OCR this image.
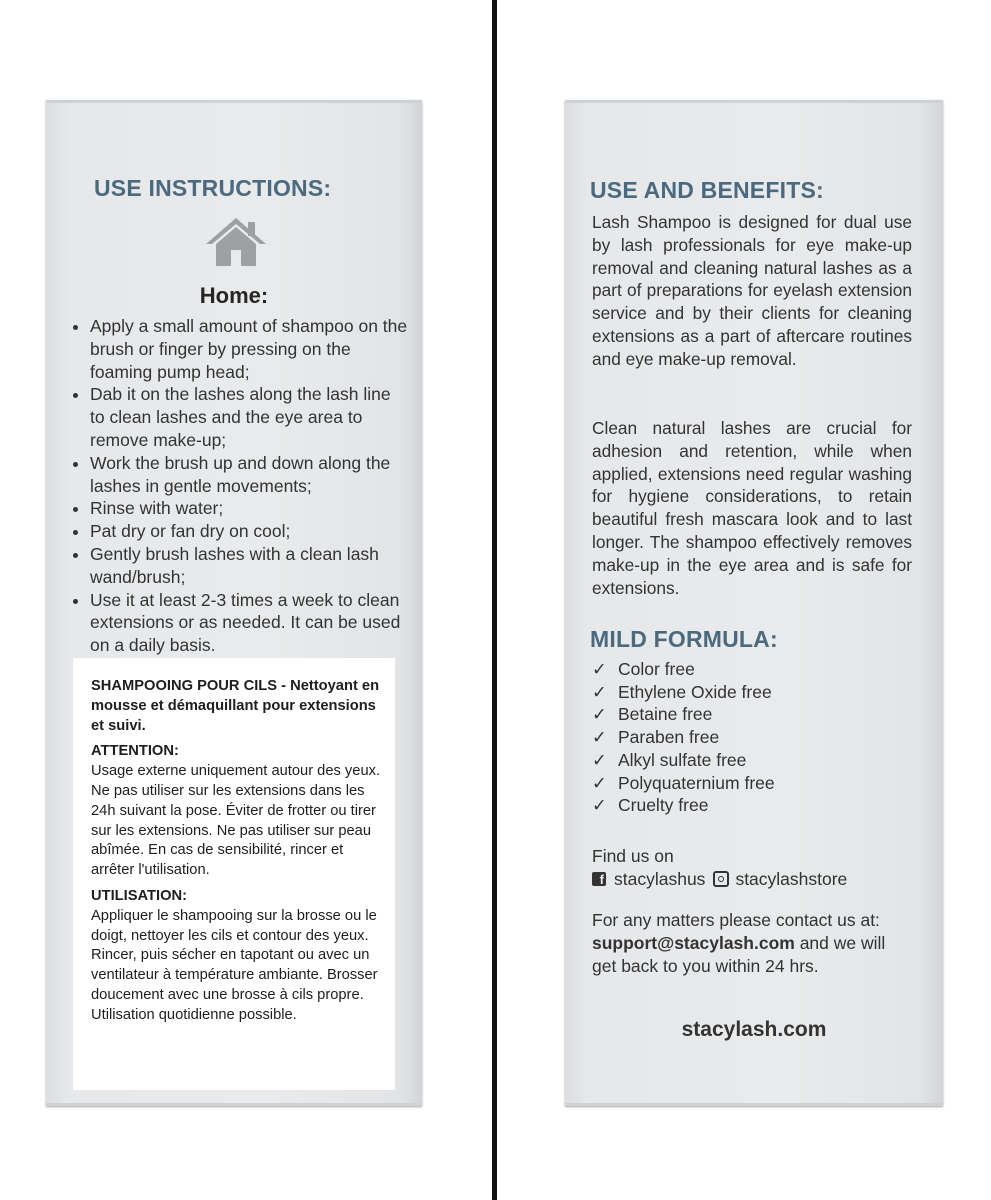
USE INSTRUCTIONS:
Home:
• Apply a small amount of shampoo on the brush or finger by pressing on the foaming pump head;
• Dab it on the lashes along the lash line to clean lashes and the eye area to remove make-up;
• Work the brush up and down along the lashes in gentle movements;
• Rinse with water;
• Pat dry or fan dry on cool;
• Gently brush lashes with a clean lash wand/brush;
• Use it at least 2-3 times a week to clean extensions or as needed. It can be used on a daily basis.

SHAMPOOING POUR CILS - Nettoyant en mousse et démaquillant pour extensions et suivi.

ATTENTION:

Usage externe uniquement autour des yeux. Ne pas utiliser sur les extensions dans les 24h suivant la pose. Éviter de frotter ou tirer sur les extensions. Ne pas utiliser sur peau abîmée. En cas de sensibilité, rincer et arrêter l'utilisation.

UTILISATION:

Appliquer le shampooing sur la brosse ou le doigt, nettoyer les cils et contour des yeux. Rincer, puis sécher en tapotant ou avec un ventilateur à température ambiante. Brosser doucement avec une brosse à cils propre. Utilisation quotidienne possible.

USE AND BENEFITS:

Lash Shampoo is designed for dual use by lash professionals for eye make-up removal and cleaning natural lashes as a part of preparations for eyelash extension service and by their clients for cleaning extensions as a part of aftercare routines and eye make-up removal.

Clean natural lashes are crucial for adhesion and retention, while when applied, extensions need regular washing for hygiene considerations, to retain beautiful fresh mascara look and to last longer. The shampoo effectively removes make-up in the eye area and is safe for extensions.

MILD FORMULA:
✓ Color free
✓ Ethylene Oxide free
✓ Betaine free
✓ Paraben free
✓ Alkyl sulfate free
✓ Polyquaternium free
✓ Cruelty free
Find us on
f stacylashus stacylashstore
For any matters please contact us at: support@stacylash.com and we will get back to you within 24 hrs.

stacylash.com
